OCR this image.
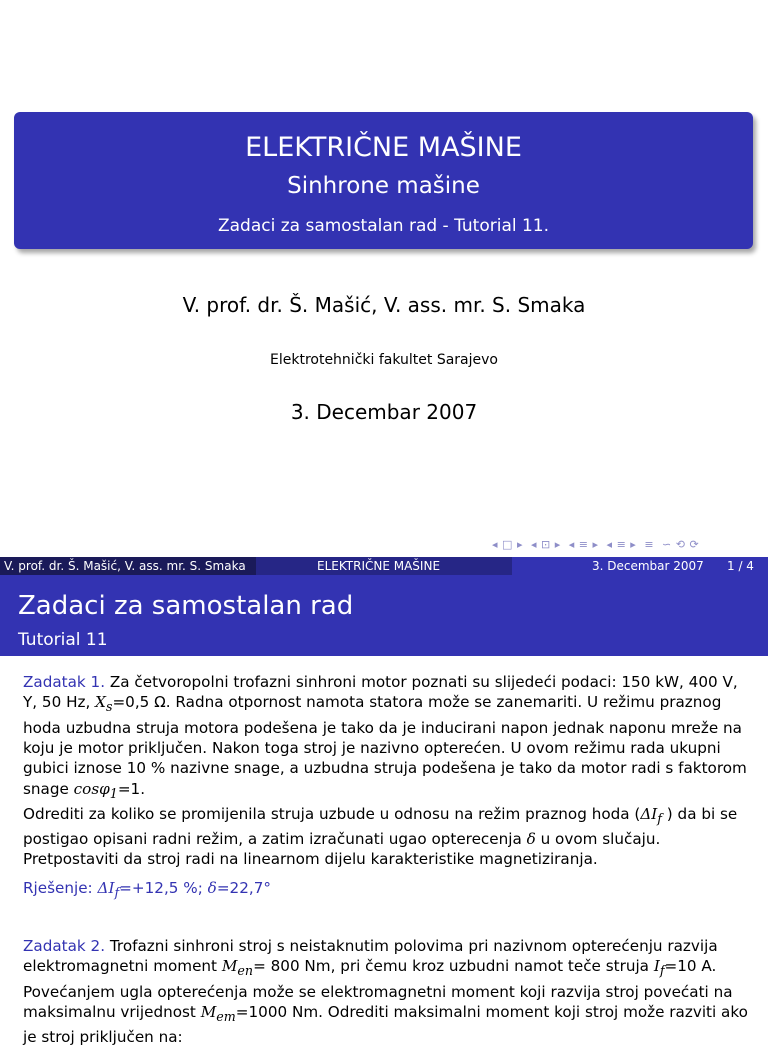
ELEKTRIČNE MAŠINE
Sinhrone mašine
Zadaci za samostalan rad - Tutorial 11.
V. prof. dr. Š. Mašić, V. ass. mr. S. Smaka
Elektrotehnički fakultet Sarajevo
3. Decembar 2007
◂ □ ▸ ◂ ⊡ ▸ ◂ ≡ ▸ ◂ ≡ ▸ ≡ ∽ ⟲ ⟳
V. prof. dr. Š. Mašić, V. ass. mr. S. Smaka	ELEKTRIČNE MAŠINE	3. Decembar 2007 1 / 4
Zadaci za samostalan rad
Tutorial 11

Zadatak 1. Za četvoropolni trofazni sinhroni motor poznati su slijedeći podaci: 150 kW, 400 V, Y, 50 Hz, $X_s=0,5$ Ω. Radna otpornost namota statora može se zanemariti. U režimu praznog hoda uzbudna struja motora podešena je tako da je inducirani napon jednak naponu mreže na koju je motor priključen. Nakon toga stroj je nazivno opterećen. U ovom režimu rada ukupni gubici iznose 10 % nazivne snage, a uzbudna struja podešena je tako da motor radi s faktorom snage cosφ$_1$=1.

Odrediti za koliko se promijenila struja uzbude u odnosu na režim praznog hoda ($\Delta I_f$ ) da bi se postigao opisani radni režim, a zatim izračunati ugao opterecenja δ u ovom slučaju.

Pretpostaviti da stroj radi na linearnom dijelu karakteristike magnetiziranja.

Rješenje: $\Delta I_f=+12,5$ %; δ=22,7°

Zadatak 2. Trofazni sinhroni stroj s neistaknutim polovima pri nazivnom opterećenju razvija elektromagnetni moment $M_{en}= 800$ Nm, pri čemu kroz uzbudni namot teče struja $I_f=10$ A. Povećanjem ugla opterećenja može se elektromagnetni moment koji razvija stroj povećati na maksimalnu vrijednost $M_{em}=1000$ Nm. Odrediti maksimalni moment koji stroj može razviti ako je stroj priključen na:
